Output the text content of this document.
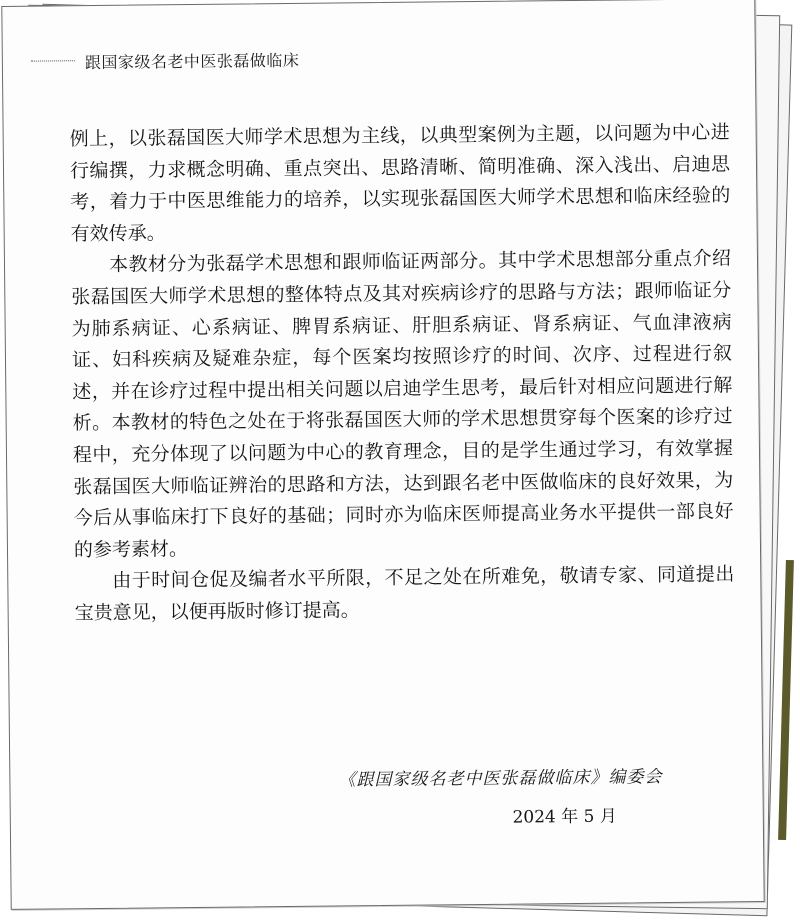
跟国家级名老中医张磊做临床

例上，以张磊国医大师学术思想为主线，以典型案例为主题，以问题为中心进行编撰，力求概念明确、重点突出、思路清晰、简明准确、深入浅出、启迪思考，着力于中医思维能力的培养，以实现张磊国医大师学术思想和临床经验的有效传承。

本教材分为张磊学术思想和跟师临证两部分。其中学术思想部分重点介绍张磊国医大师学术思想的整体特点及其对疾病诊疗的思路与方法；跟师临证分为肺系病证、心系病证、脾胃系病证、肝胆系病证、肾系病证、气血津液病证、妇科疾病及疑难杂症，每个医案均按照诊疗的时间、次序、过程进行叙述，并在诊疗过程中提出相关问题以启迪学生思考，最后针对相应问题进行解析。本教材的特色之处在于将张磊国医大师的学术思想贯穿每个医案的诊疗过程中，充分体现了以问题为中心的教育理念，目的是学生通过学习，有效掌握张磊国医大师临证辨治的思路和方法，达到跟名老中医做临床的良好效果，为今后从事临床打下良好的基础；同时亦为临床医师提高业务水平提供一部良好的参考素材。

由于时间仓促及编者水平所限，不足之处在所难免，敬请专家、同道提出宝贵意见，以便再版时修订提高。

《跟国家级名老中医张磊做临床》编委会
2024 年 5 月
